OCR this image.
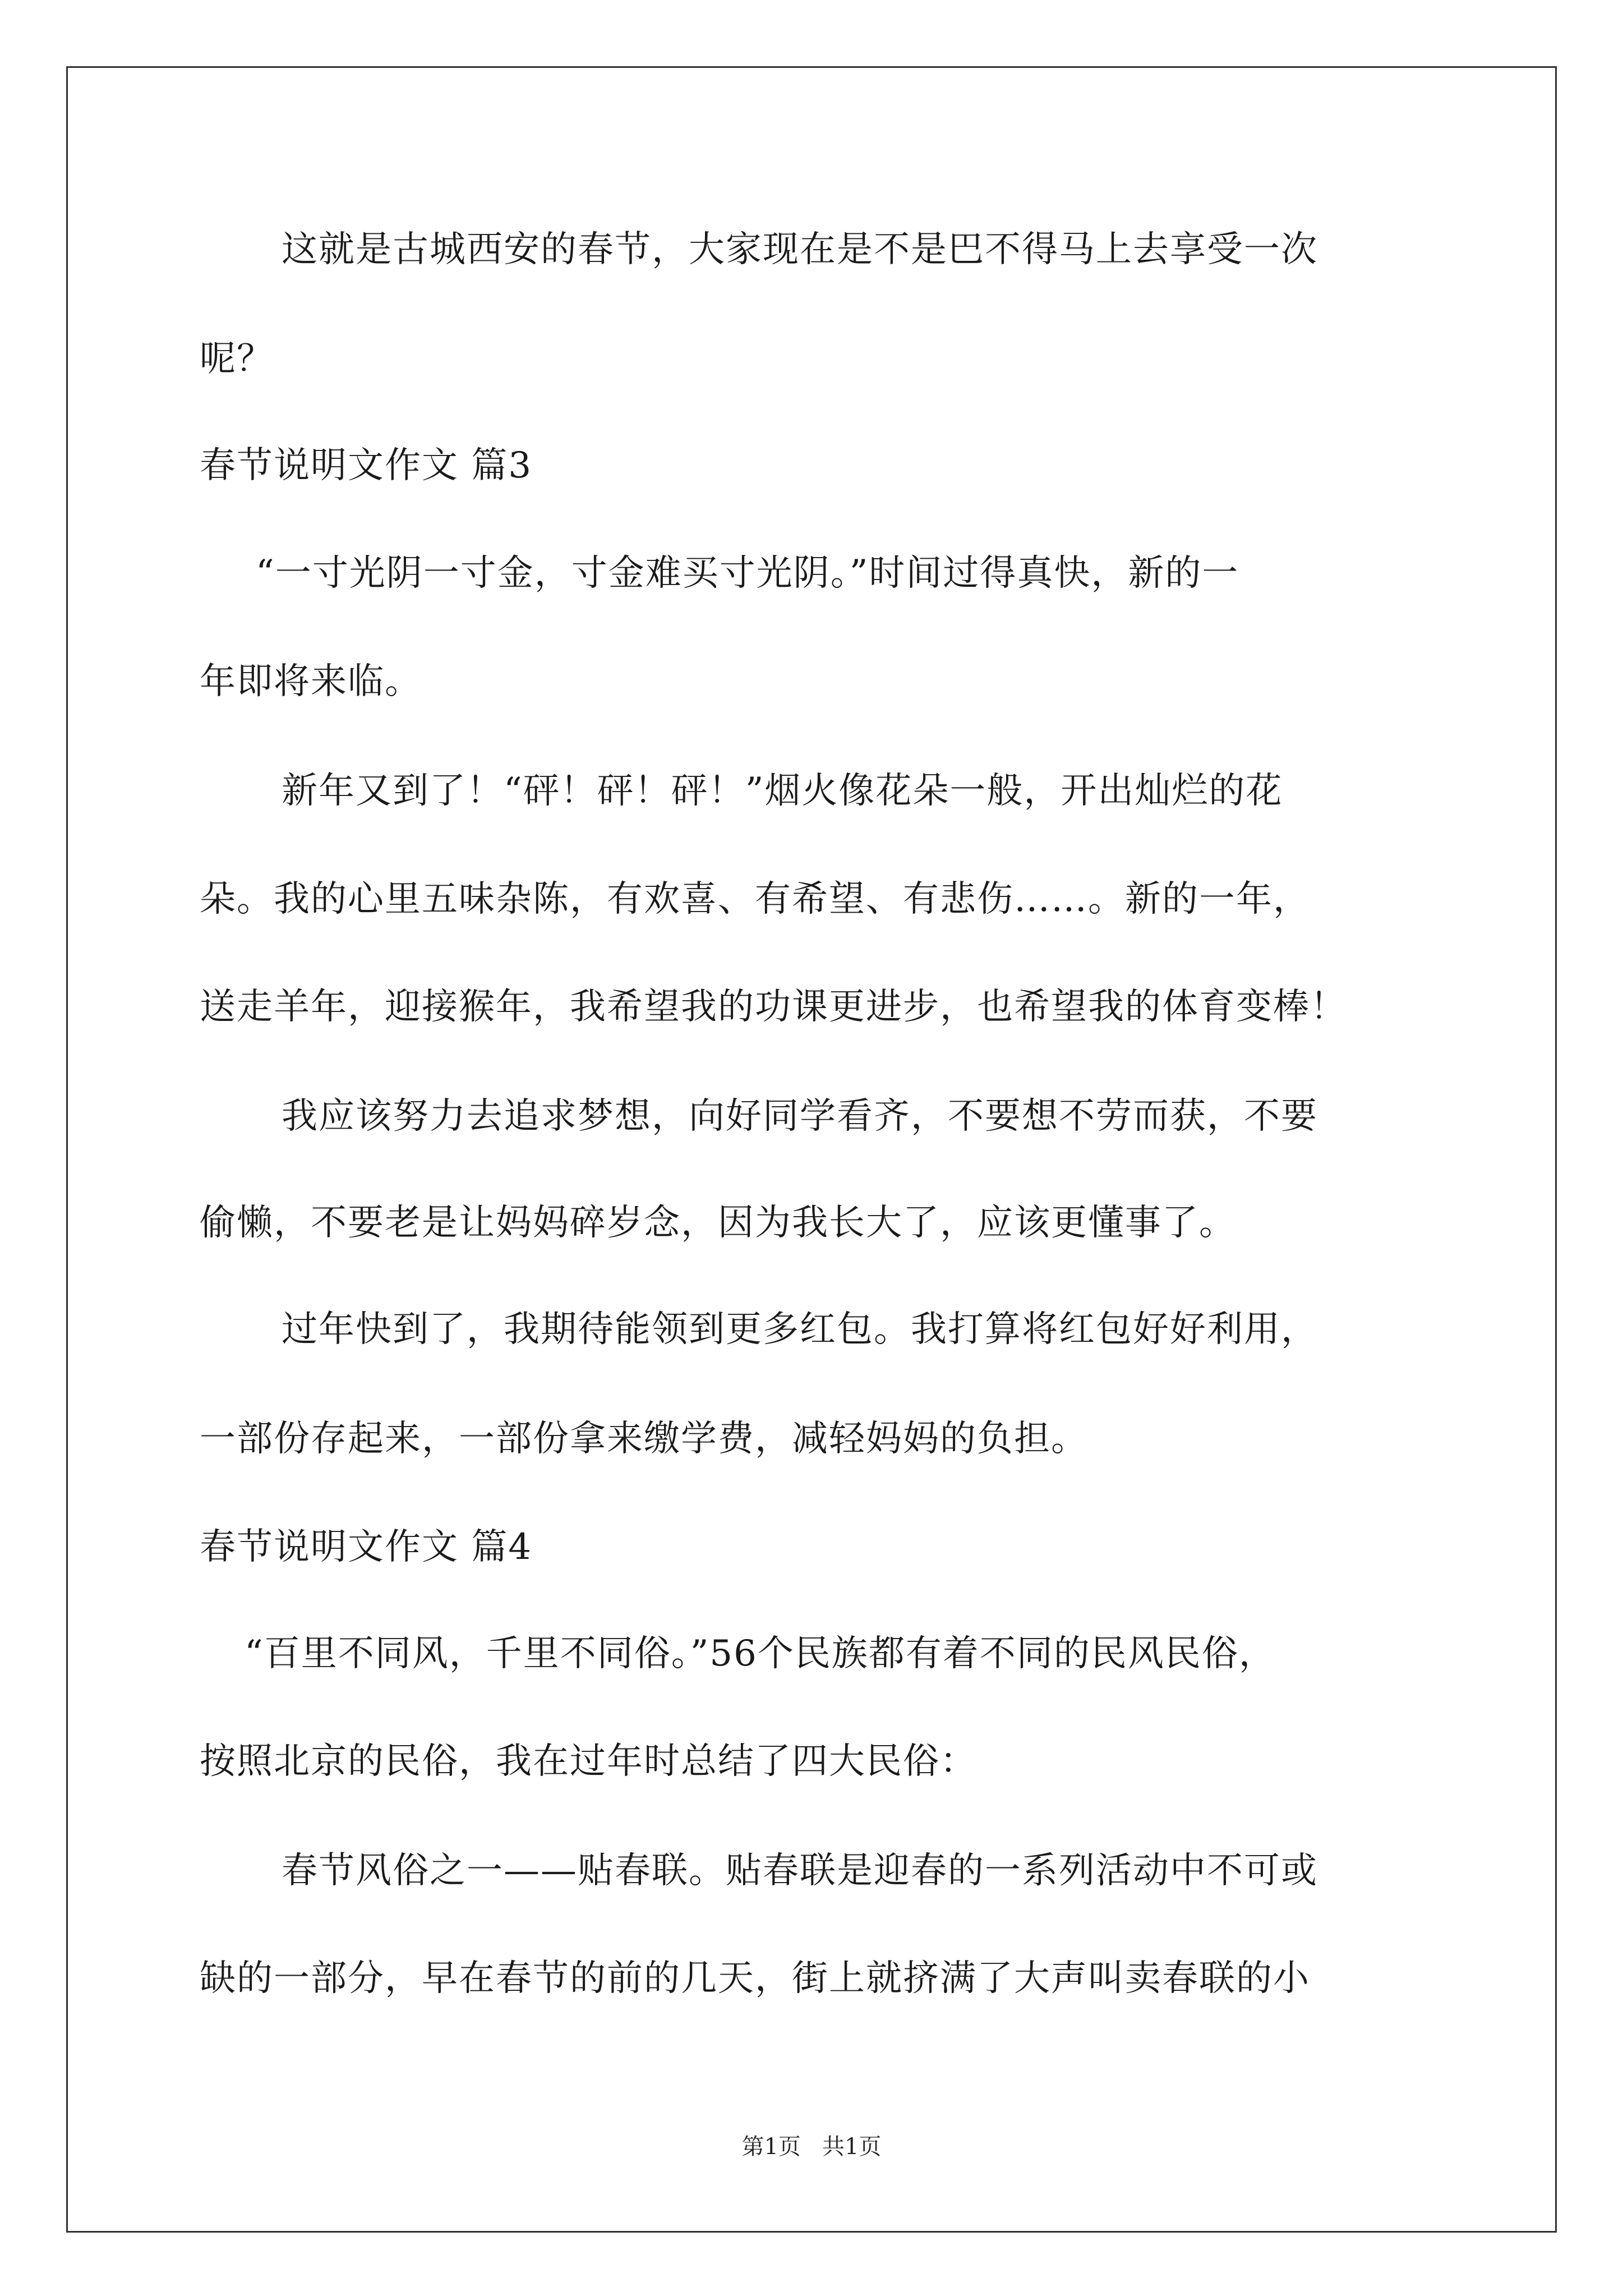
这就是古城西安的春节，大家现在是不是巴不得马上去享受一次
呢？
春节说明文作文 篇3
“一寸光阴一寸金，寸金难买寸光阴。”时间过得真快，新的一
年即将来临。
新年又到了！“砰！砰！砰！”烟火像花朵一般，开出灿烂的花
朵。我的心里五味杂陈，有欢喜、有希望、有悲伤……。新的一年，
送走羊年，迎接猴年，我希望我的功课更进步，也希望我的体育变棒！
我应该努力去追求梦想，向好同学看齐，不要想不劳而获，不要
偷懒，不要老是让妈妈碎岁念，因为我长大了，应该更懂事了。
过年快到了，我期待能领到更多红包。我打算将红包好好利用，
一部份存起来，一部份拿来缴学费，减轻妈妈的负担。
春节说明文作文 篇4
“百里不同风，千里不同俗。”56个民族都有着不同的民风民俗，
按照北京的民俗，我在过年时总结了四大民俗：
春节风俗之一——贴春联。贴春联是迎春的一系列活动中不可或
缺的一部分，早在春节的前的几天，街上就挤满了大声叫卖春联的小
第1页   共1页
